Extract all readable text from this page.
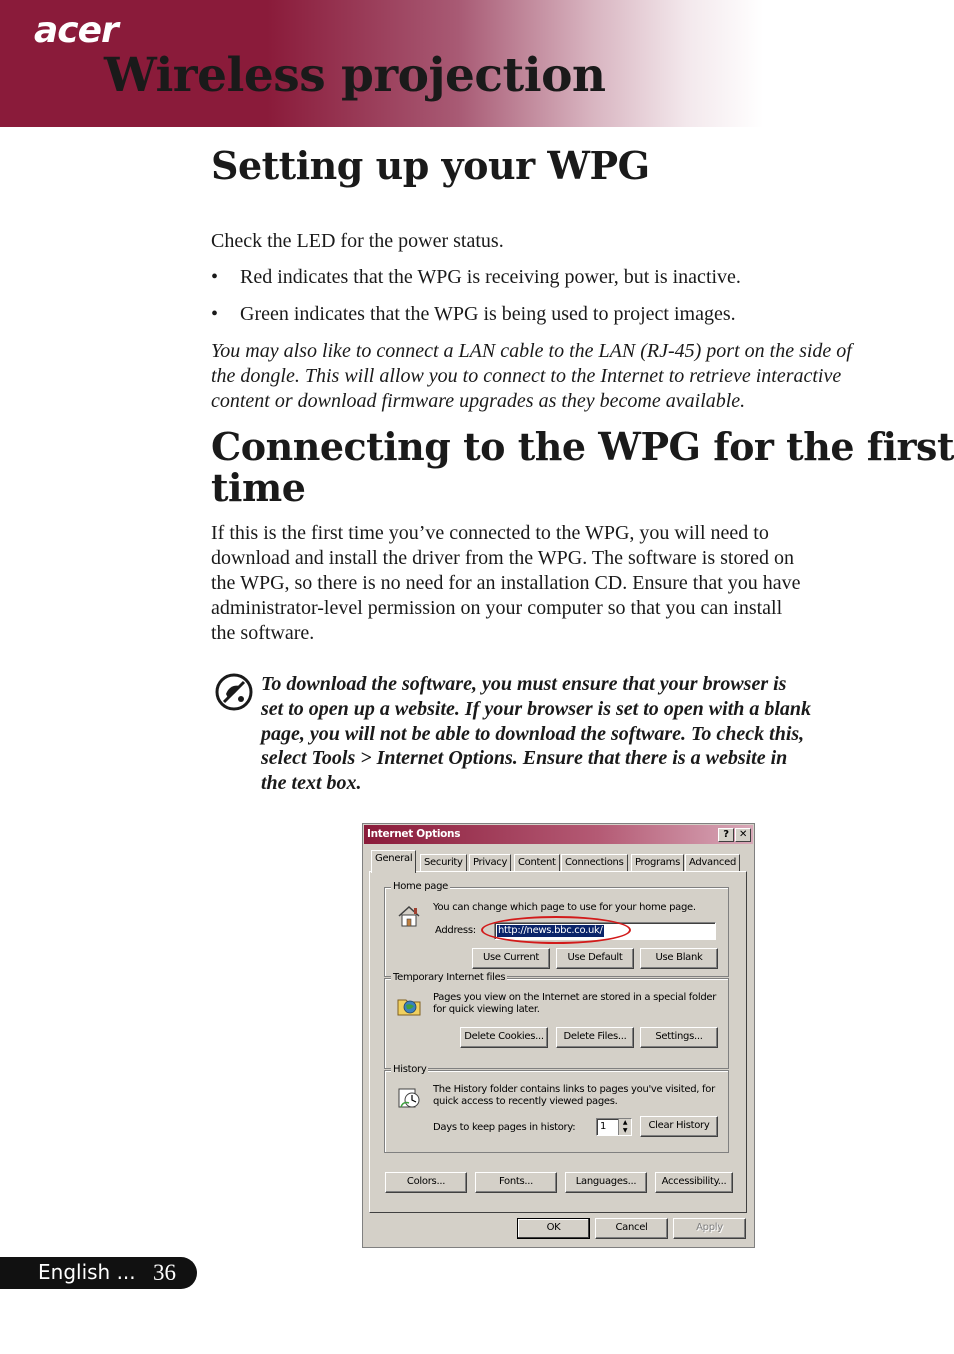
acer
Wireless projection
Setting up your WPG
Check the LED for the power status.
• Red indicates that the WPG is receiving power, but is inactive.
• Green indicates that the WPG is being used to project images.
You may also like to connect a LAN cable to the LAN (RJ-45) port on the side of
the dongle. This will allow you to connect to the Internet to retrieve interactive
content or download firmware upgrades as they become available.
Connecting to the WPG for the first
time
If this is the first time you’ve connected to the WPG, you will need to
download and install the driver from the WPG. The software is stored on
the WPG, so there is no need for an installation CD. Ensure that you have
administrator-level permission on your computer so that you can install
the software.
To download the software, you must ensure that your browser is
set to open up a website. If your browser is set to open with a blank
page, you will not be able to download the software. To check this,
select Tools > Internet Options. Ensure that there is a website in
the text box.
Internet Options	?	✕
General	Security	Privacy	Content Connections	Programs Advanced
Home page
You can change which page to use for your home page.
Address: http://news.bbc.co.uk/
Use Current	Use Default	Use Blank
Temporary Internet files
Pages you view on the Internet are stored in a special folder
for quick viewing later.
Delete Cookies...	Delete Files...	Settings...
History
The History folder contains links to pages you've visited, for
quick access to recently viewed pages.
Days to keep pages in history: 1	▲
▼	Clear History
Colors...	Fonts...	Languages...	Accessibility...
OK	Cancel	Apply
English ... 36
